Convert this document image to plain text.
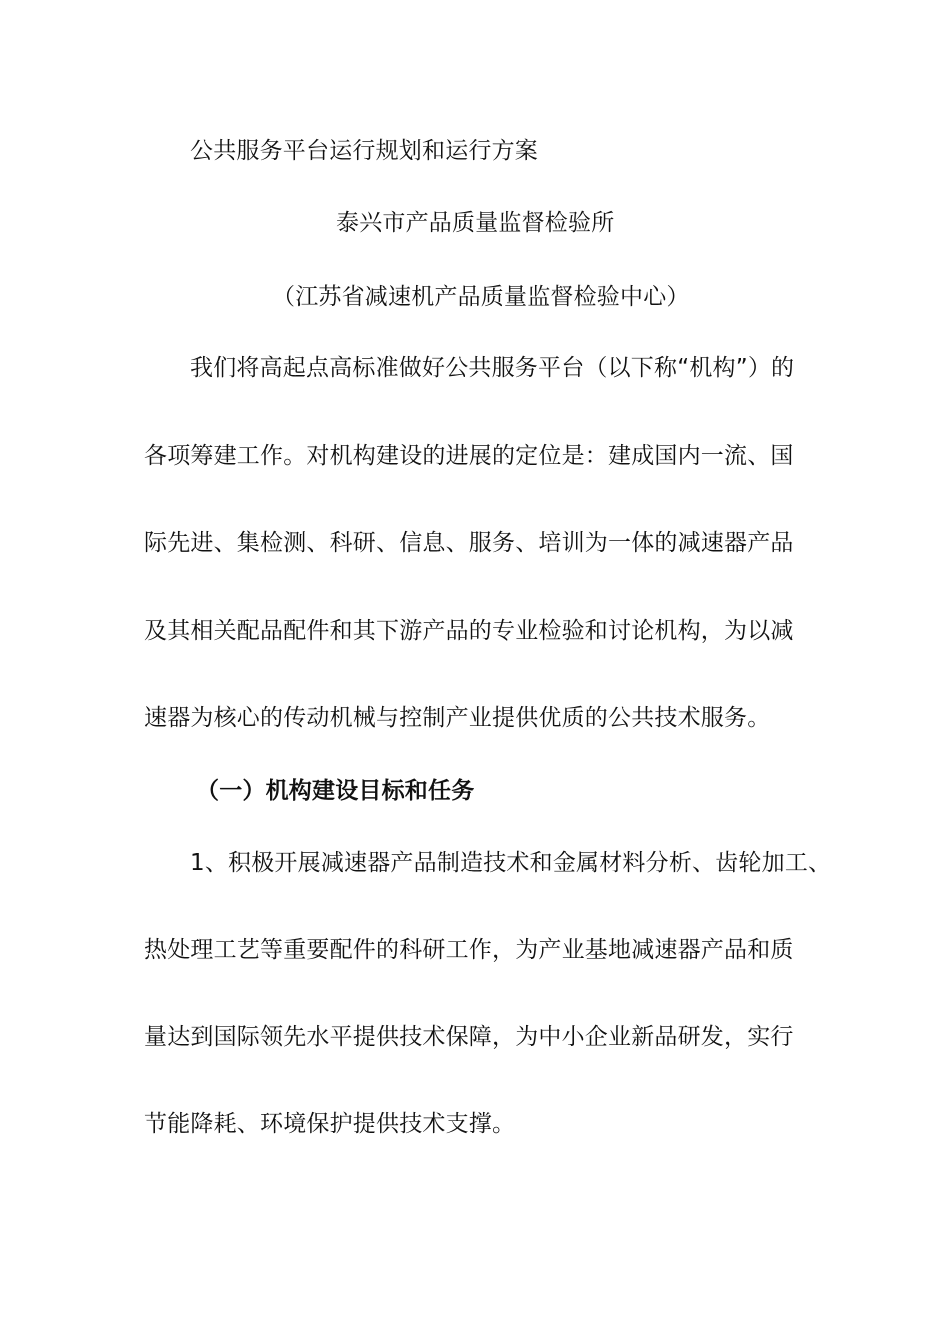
公共服务平台运行规划和运行方案
泰兴市产品质量监督检验所
（江苏省减速机产品质量监督检验中心）
我们将高起点高标准做好公共服务平台（以下称“机构”）的
各项筹建工作。对机构建设的进展的定位是：建成国内一流、国
际先进、集检测、科研、信息、服务、培训为一体的减速器产品
及其相关配品配件和其下游产品的专业检验和讨论机构，为以减
速器为核心的传动机械与控制产业提供优质的公共技术服务。
（一）机构建设目标和任务
1、积极开展减速器产品制造技术和金属材料分析、齿轮加工、
热处理工艺等重要配件的科研工作，为产业基地减速器产品和质
量达到国际领先水平提供技术保障，为中小企业新品研发，实行
节能降耗、环境保护提供技术支撑。
